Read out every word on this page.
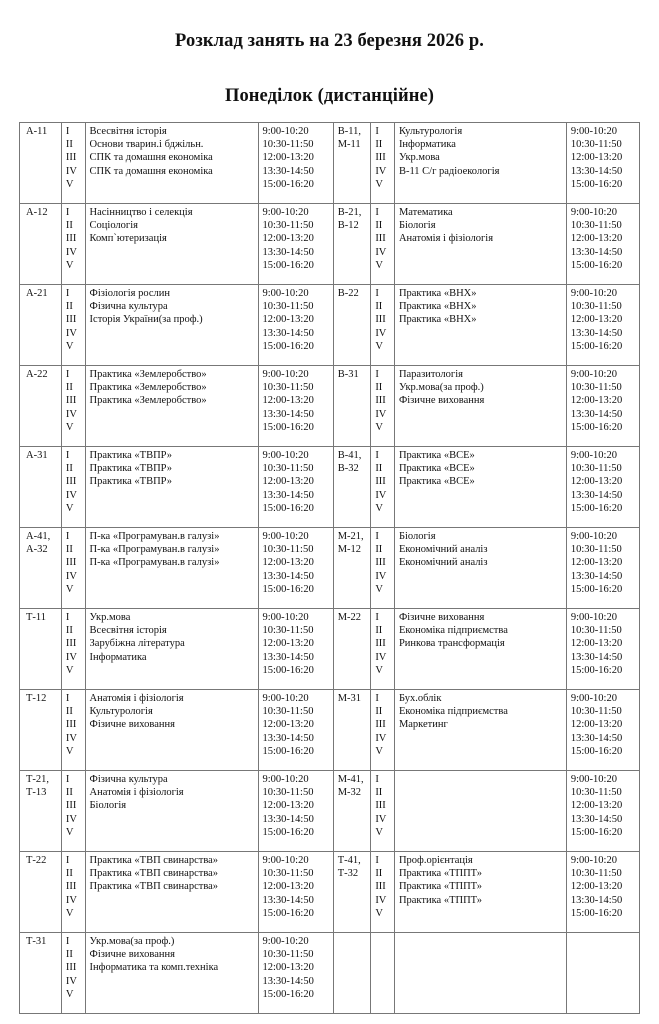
Розклад занять на 23 березня 2026 р.
Понеділок (дистанційне)
А-11	I
II
III
IV
V	Всесвітня історія
Основи тварин.і бджільн.
СПК та домашня економіка
СПК та домашня економіка	9:00-10:20
10:30-11:50
12:00-13:20
13:30-14:50
15:00-16:20	В-11,
М-11	I
II
III
IV
V	Культурологія
Інформатика
Укр.мова
В-11 С/г радіоекологія	9:00-10:20
10:30-11:50
12:00-13:20
13:30-14:50
15:00-16:20

А-12	I
II
III
IV
V	Насінництво і селекція
Соціологія
Комп`ютеризація	9:00-10:20
10:30-11:50
12:00-13:20
13:30-14:50
15:00-16:20	В-21,
В-12	I
II
III
IV
V	Математика
Біологія
Анатомія і фізіологія	9:00-10:20
10:30-11:50
12:00-13:20
13:30-14:50
15:00-16:20

А-21	I
II
III
IV
V	Фізіологія рослин
Фізична культура
Історія України(за проф.)	9:00-10:20
10:30-11:50
12:00-13:20
13:30-14:50
15:00-16:20	В-22	I
II
III
IV
V	Практика «ВНХ»
Практика «ВНХ»
Практика «ВНХ»	9:00-10:20
10:30-11:50
12:00-13:20
13:30-14:50
15:00-16:20

А-22	I
II
III
IV
V	Практика «Землеробство»
Практика «Землеробство»
Практика «Землеробство»	9:00-10:20
10:30-11:50
12:00-13:20
13:30-14:50
15:00-16:20	В-31	I
II
III
IV
V	Паразитологія
Укр.мова(за проф.)
Фізичне виховання	9:00-10:20
10:30-11:50
12:00-13:20
13:30-14:50
15:00-16:20

А-31	I
II
III
IV
V	Практика «ТВПР»
Практика «ТВПР»
Практика «ТВПР»	9:00-10:20
10:30-11:50
12:00-13:20
13:30-14:50
15:00-16:20	В-41,
В-32	I
II
III
IV
V	Практика «ВСЕ»
Практика «ВСЕ»
Практика «ВСЕ»	9:00-10:20
10:30-11:50
12:00-13:20
13:30-14:50
15:00-16:20

А-41,
А-32	I
II
III
IV
V	П-ка «Програмуван.в галузі»
П-ка «Програмуван.в галузі»
П-ка «Програмуван.в галузі»	9:00-10:20
10:30-11:50
12:00-13:20
13:30-14:50
15:00-16:20	М-21,
М-12	I
II
III
IV
V	Біологія
Економічний аналіз
Економічний аналіз	9:00-10:20
10:30-11:50
12:00-13:20
13:30-14:50
15:00-16:20

Т-11	I
II
III
IV
V	Укр.мова
Всесвітня історія
Зарубіжна література
Інформатика	9:00-10:20
10:30-11:50
12:00-13:20
13:30-14:50
15:00-16:20	М-22	I
II
III
IV
V	Фізичне виховання
Економіка підприємства
Ринкова трансформація	9:00-10:20
10:30-11:50
12:00-13:20
13:30-14:50
15:00-16:20

Т-12	I
II
III
IV
V	Анатомія і фізіологія
Культурологія
Фізичне виховання	9:00-10:20
10:30-11:50
12:00-13:20
13:30-14:50
15:00-16:20	М-31	I
II
III
IV
V	Бух.облік
Економіка підприємства
Маркетинг	9:00-10:20
10:30-11:50
12:00-13:20
13:30-14:50
15:00-16:20

Т-21,
Т-13	I
II
III
IV
V	Фізична культура
Анатомія і фізіологія
Біологія	9:00-10:20
10:30-11:50
12:00-13:20
13:30-14:50
15:00-16:20	М-41,
М-32	I
II
III
IV
V		9:00-10:20
10:30-11:50
12:00-13:20
13:30-14:50
15:00-16:20

Т-22	I
II
III
IV
V	Практика «ТВП свинарства»
Практика «ТВП свинарства»
Практика «ТВП свинарства»	9:00-10:20
10:30-11:50
12:00-13:20
13:30-14:50
15:00-16:20	Т-41,
Т-32	I
II
III
IV
V	Проф.орієнтація
Практика «ТППТ»
Практика «ТППТ»
Практика «ТППТ»	9:00-10:20
10:30-11:50
12:00-13:20
13:30-14:50
15:00-16:20

Т-31	I
II
III
IV
V	Укр.мова(за проф.)
Фізичне виховання
Інформатика та комп.техніка	9:00-10:20
10:30-11:50
12:00-13:20
13:30-14:50
15:00-16:20				
